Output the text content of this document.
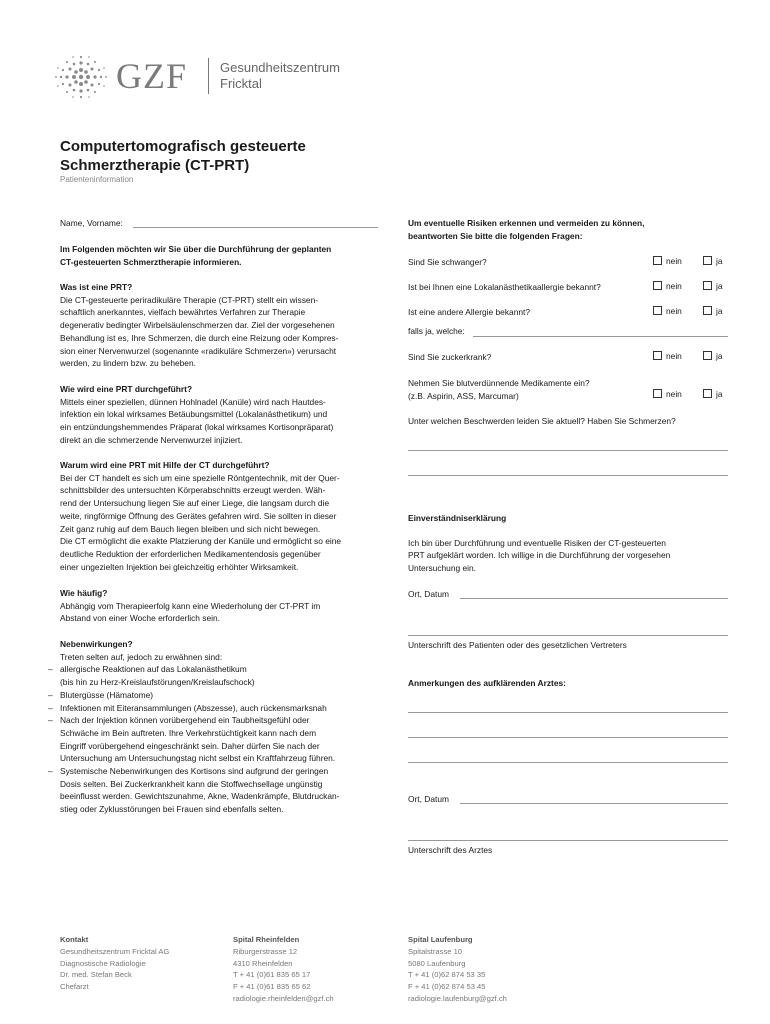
GZF	Gesundheitszentrum
Fricktal
Computertomografisch gesteuerte
Schmerztherapie (CT-PRT)
Patienteninformation
Name, Vorname:
Im Folgenden möchten wir Sie über die Durchführung der geplanten
CT-gesteuerten Schmerztherapie informieren.
Was ist eine PRT?
Die CT-gesteuerte periradikuläre Therapie (CT-PRT) stellt ein wissen-
schaftlich anerkanntes, vielfach bewährtes Verfahren zur Therapie
degenerativ bedingter Wirbelsäulenschmerzen dar. Ziel der vorgesehenen
Behandlung ist es, Ihre Schmerzen, die durch eine Reizung oder Kompres-
sion einer Nervenwurzel (sogenannte «radikuläre Schmerzen») verursacht
werden, zu lindern bzw. zu beheben.
Wie wird eine PRT durchgeführt?
Mittels einer speziellen, dünnen Hohlnadel (Kanüle) wird nach Hautdes-
infektion ein lokal wirksames Betäubungsmittel (Lokalanästhetikum) und
ein entzündungshemmendes Präparat (lokal wirksames Kortisonpräparat)
direkt an die schmerzende Nervenwurzel injiziert.
Warum wird eine PRT mit Hilfe der CT durchgeführt?
Bei der CT handelt es sich um eine spezielle Röntgentechnik, mit der Quer-
schnittsbilder des untersuchten Körperabschnitts erzeugt werden. Wäh-
rend der Untersuchung liegen Sie auf einer Liege, die langsam durch die
weite, ringförmige Öffnung des Gerätes gefahren wird. Sie sollten in dieser
Zeit ganz ruhig auf dem Bauch liegen bleiben und sich nicht bewegen.
Die CT ermöglicht die exakte Platzierung der Kanüle und ermöglicht so eine
deutliche Reduktion der erforderlichen Medikamentendosis gegenüber
einer ungezielten Injektion bei gleichzeitig erhöhter Wirksamkeit.
Wie häufig?
Abhängig vom Therapieerfolg kann eine Wiederholung der CT-PRT im
Abstand von einer Woche erforderlich sein.
Nebenwirkungen?
Treten selten auf, jedoch zu erwähnen sind:
– allergische Reaktionen auf das Lokalanästhetikum
(bis hin zu Herz-Kreislaufstörungen/Kreislaufschock)
– Blutergüsse (Hämatome)
– Infektionen mit Eiteransammlungen (Abszesse), auch rückensmarksnah
– Nach der Injektion können vorübergehend ein Taubheitsgefühl oder
Schwäche im Bein auftreten. Ihre Verkehrstüchtigkeit kann nach dem
Eingriff vorübergehend eingeschränkt sein. Daher dürfen Sie nach der
Untersuchung am Untersuchungstag nicht selbst ein Kraftfahrzeug führen.
– Systemische Nebenwirkungen des Kortisons sind aufgrund der geringen
Dosis selten. Bei Zuckerkrankheit kann die Stoffwechsellage ungünstig
beeinflusst werden. Gewichtszunahme, Akne, Wadenkrämpfe, Blutdruckan-
stieg oder Zyklusstörungen bei Frauen sind ebenfalls selten.
Um eventuelle Risiken erkennen und vermeiden zu können,
beantworten Sie bitte die folgenden Fragen:
Sind Sie schwanger?	nein	ja
Ist bei Ihnen eine Lokalanästhetikaallergie bekannt?	nein	ja
Ist eine andere Allergie bekannt?	nein	ja
falls ja, welche:
Sind Sie zuckerkrank?	nein	ja
Nehmen Sie blutverdünnende Medikamente ein?
(z.B. Aspirin, ASS, Marcumar)	nein	ja
Unter welchen Beschwerden leiden Sie aktuell? Haben Sie Schmerzen?
Einverständniserklärung
Ich bin über Durchführung und eventuelle Risiken der CT-gesteuerten
PRT aufgeklärt worden. Ich willige in die Durchführung der vorgesehen
Untersuchung ein.
Ort, Datum
Unterschrift des Patienten oder des gesetzlichen Vertreters
Anmerkungen des aufklärenden Arztes:
Ort, Datum
Unterschrift des Arztes
Kontakt
Gesundheitszentrum Fricktal AG
Diagnostische Radiologie
Dr. med. Stefan Beck
Chefarzt
Spital Rheinfelden
Riburgerstrasse 12
4310 Rheinfelden
T + 41 (0)61 835 65 17
F + 41 (0)61 835 65 62
radiologie.rheinfelden@gzf.ch
Spital Laufenburg
Spitalstrasse 10
5080 Laufenburg
T + 41 (0)62 874 53 35
F + 41 (0)62 874 53 45
radiologie.laufenburg@gzf.ch
